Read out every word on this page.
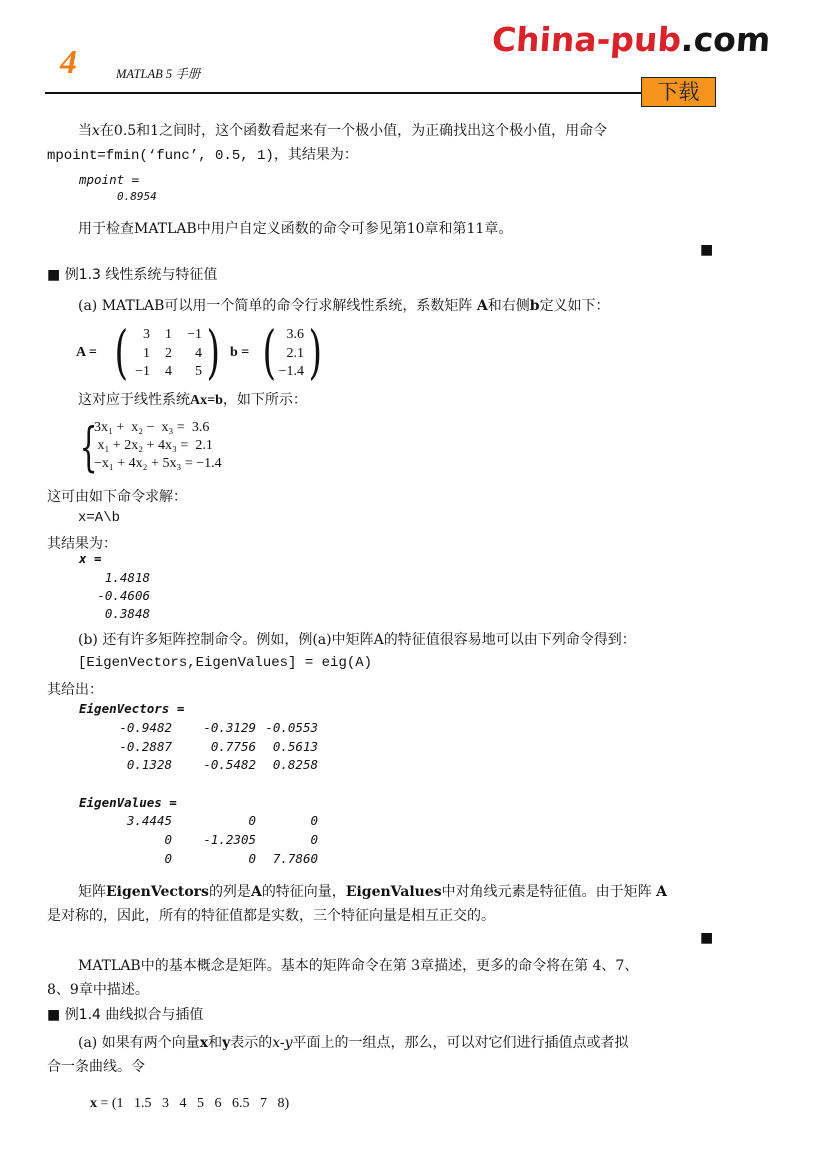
4	MATLAB 5 手册
China-pub.com
下载
当x在0.5和1之间时，这个函数看起来有一个极小值，为正确找出这个极小值，用命令
mpoint=fmin(‘func’, 0.5, 1)，其结果为：
mpoint =
0.8954
用于检查MATLAB中用户自定义函数的命令可参见第10章和第11章。
■
■ 例1.3 线性系统与特征值
(a) MATLAB可以用一个简单的命令行求解线性系统，系数矩阵 A和右侧b定义如下：
A = (	3	1	−1
1	2	4
−1	4	5 ) b = ( 3.6
2.1
−1.4 )
这对应于线性系统Ax=b，如下所示：
{
3x₁ +  x₂ −  x₃ =  3.6
x₁ + 2x₂ + 4x₃ =  2.1
−x₁ + 4x₂ + 5x₃ = −1.4
这可由如下命令求解：
x=A\b
其结果为：
x =
1.4818
-0.4606
0.3848
(b) 还有许多矩阵控制命令。例如，例(a)中矩阵A的特征值很容易地可以由下列命令得到：
[EigenVectors,EigenValues] = eig(A)
其给出：
EigenVectors =
-0.9482	-0.3129 -0.0553
-0.2887	0.7756	0.5613
0.1328	-0.5482	0.8258
EigenValues =
3.4445	0	0
0	-1.2305	0
0	0	7.7860
矩阵EigenVectors的列是A的特征向量，EigenValues中对角线元素是特征值。由于矩阵 A
是对称的，因此，所有的特征值都是实数，三个特征向量是相互正交的。
■
MATLAB中的基本概念是矩阵。基本的矩阵命令在第 3章描述，更多的命令将在第 4、7、
8、9章中描述。
■ 例1.4 曲线拟合与插值
(a) 如果有两个向量x和y表示的x-y平面上的一组点，那么，可以对它们进行插值点或者拟
合一条曲线。令

x = (1   1.5   3   4   5   6   6.5   7   8)
